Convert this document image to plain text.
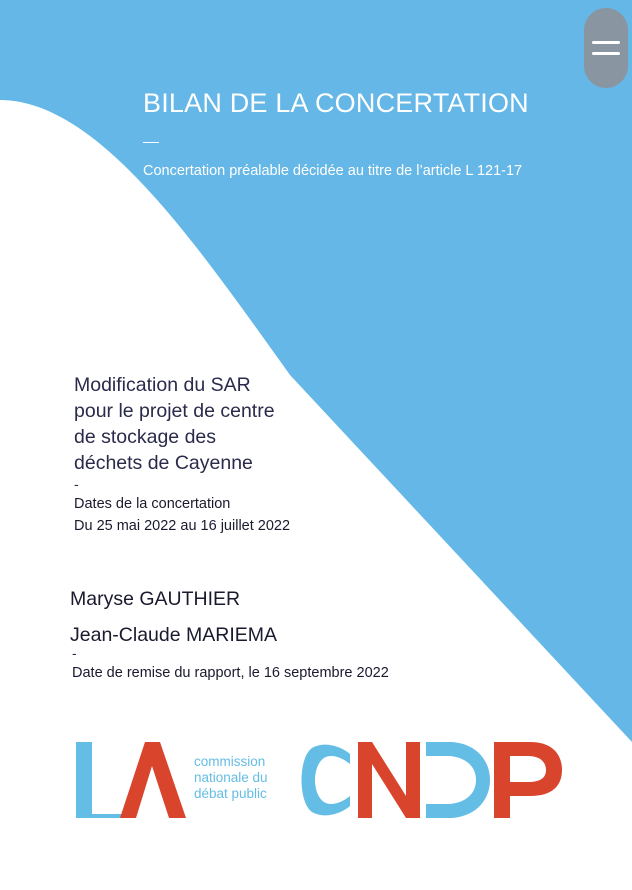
BILAN DE LA CONCERTATION
Concertation préalable décidée au titre de l’article L 121-17
Modification du SAR
pour le projet de centre
de stockage des
déchets de Cayenne
-
Dates de la concertation
Du 25 mai 2022 au 16 juillet 2022
Maryse GAUTHIER
Jean-Claude MARIEMA
-
Date de remise du rapport, le 16 septembre 2022
commission
nationale du
débat public
